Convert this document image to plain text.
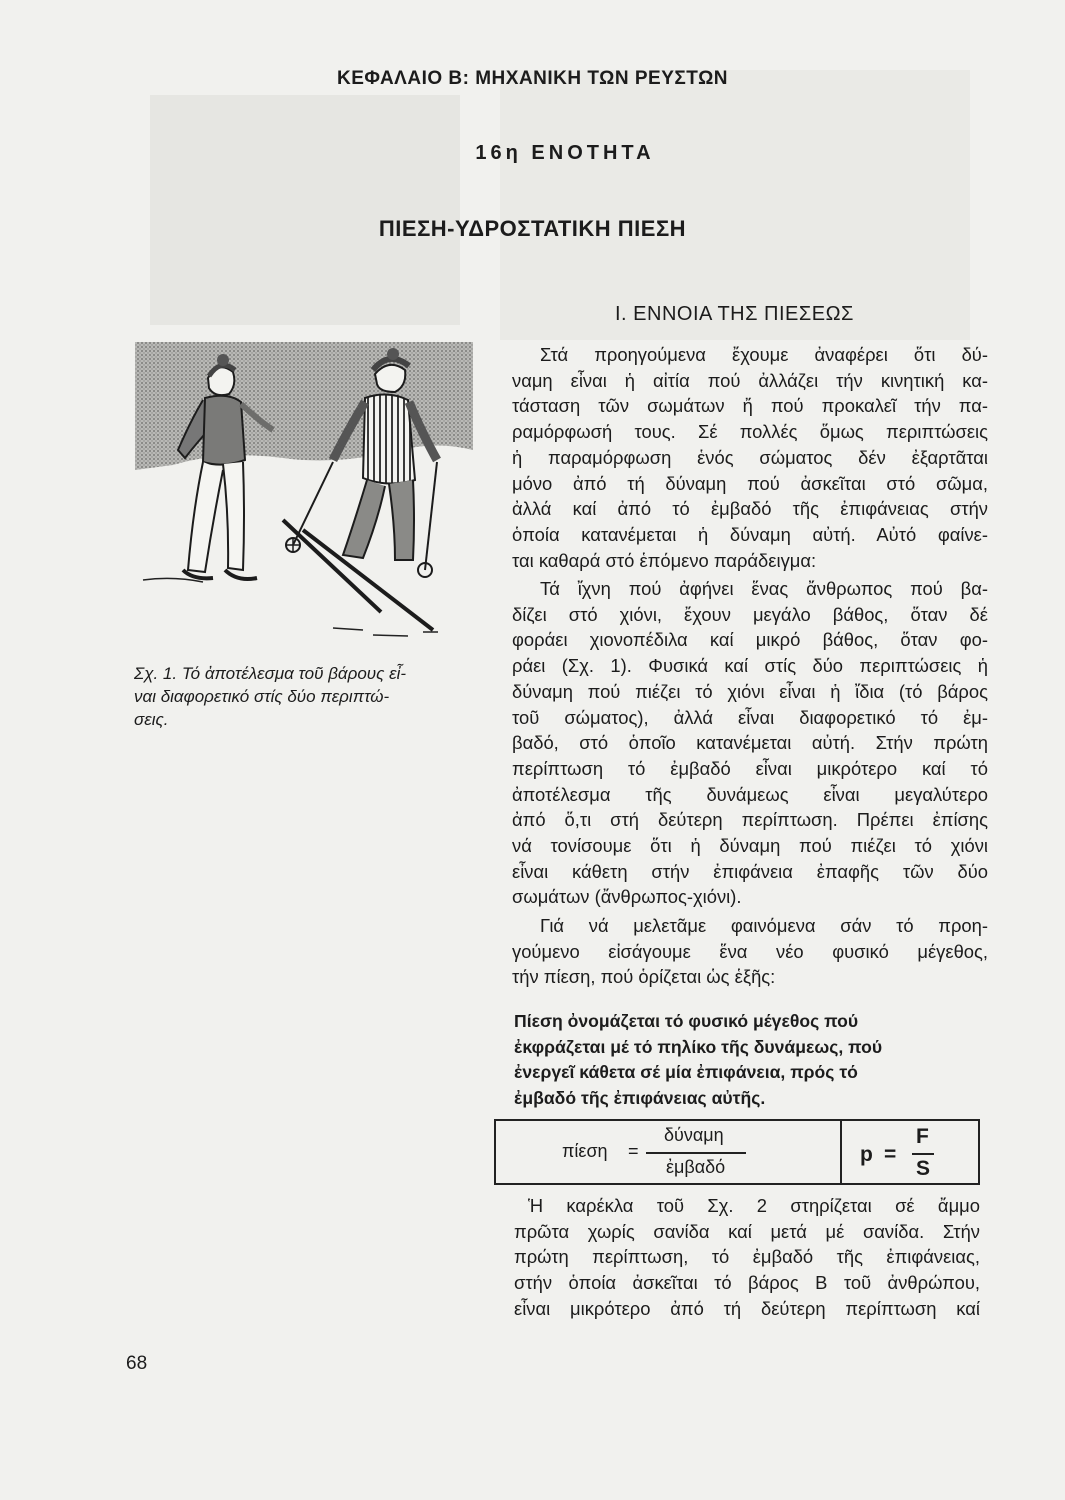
ΚΕΦΑΛΑΙΟ Β: ΜΗΧΑΝΙΚΗ ΤΩΝ ΡΕΥΣΤΩΝ
16η ΕΝΟΤΗΤΑ
ΠΙΕΣΗ-ΥΔΡΟΣΤΑΤΙΚΗ ΠΙΕΣΗ
Σχ. 1. Τό ἀποτέλεσμα τοῦ βάρους εἶ-
ναι διαφορετικό στίς δύο περιπτώ-
σεις.
Ι. ΕΝΝΟΙΑ ΤΗΣ ΠΙΕΣΕΩΣ
Στά προηγούμενα ἔχουμε ἀναφέρει ὅτι δύ-
ναμη εἶναι ἡ αἰτία πού ἀλλάζει τήν κινητική κα-
τάσταση τῶν σωμάτων ἤ πού προκαλεῖ τήν πα-
ραμόρφωσή τους. Σέ πολλές ὅμως περιπτώσεις
ἡ παραμόρφωση ἑνός σώματος δέν ἐξαρτᾶται
μόνο ἀπό τή δύναμη πού ἀσκεῖται στό σῶμα,
ἀλλά καί ἀπό τό ἐμβαδό τῆς ἐπιφάνειας στήν
ὁποία κατανέμεται ἡ δύναμη αὐτή. Αὐτό φαίνε-
ται καθαρά στό ἑπόμενο παράδειγμα:
Τά ἴχνη πού ἀφήνει ἕνας ἄνθρωπος πού βα-
δίζει στό χιόνι, ἔχουν μεγάλο βάθος, ὅταν δέ
φοράει χιονοπέδιλα καί μικρό βάθος, ὅταν φο-
ράει (Σχ. 1). Φυσικά καί στίς δύο περιπτώσεις ἡ
δύναμη πού πιέζει τό χιόνι εἶναι ἡ ἴδια (τό βάρος
τοῦ σώματος), ἀλλά εἶναι διαφορετικό τό ἐμ-
βαδό, στό ὁποῖο κατανέμεται αὐτή. Στήν πρώτη
περίπτωση τό ἐμβαδό εἶναι μικρότερο καί τό
ἀποτέλεσμα τῆς δυνάμεως εἶναι μεγαλύτερο
ἀπό ὅ,τι στή δεύτερη περίπτωση. Πρέπει ἐπίσης
νά τονίσουμε ὅτι ἡ δύναμη πού πιέζει τό χιόνι
εἶναι κάθετη στήν ἐπιφάνεια ἐπαφῆς τῶν δύο
σωμάτων (ἄνθρωπος-χιόνι).
Γιά νά μελετᾶμε φαινόμενα σάν τό προη-
γούμενο εἰσάγουμε ἕνα νέο φυσικό μέγεθος,
τήν πίεση, πού ὁρίζεται ὡς ἑξῆς:
Πίεση ὀνομάζεται τό φυσικό μέγεθος πού
ἐκφράζεται μέ τό πηλίκο τῆς δυνάμεως, πού
ἐνεργεῖ κάθετα σέ μία ἐπιφάνεια, πρός τό
ἐμβαδό τῆς ἐπιφάνειας αὐτῆς.
πίεση =
δύναμη
ἐμβαδό
p =
F
S
Ἡ καρέκλα τοῦ Σχ. 2 στηρίζεται σέ ἄμμο
πρῶτα χωρίς σανίδα καί μετά μέ σανίδα. Στήν
πρώτη περίπτωση, τό ἐμβαδό τῆς ἐπιφάνειας,
στήν ὁποία ἀσκεῖται τό βάρος Β τοῦ ἀνθρώπου,
εἶναι μικρότερο ἀπό τή δεύτερη περίπτωση καί
68
